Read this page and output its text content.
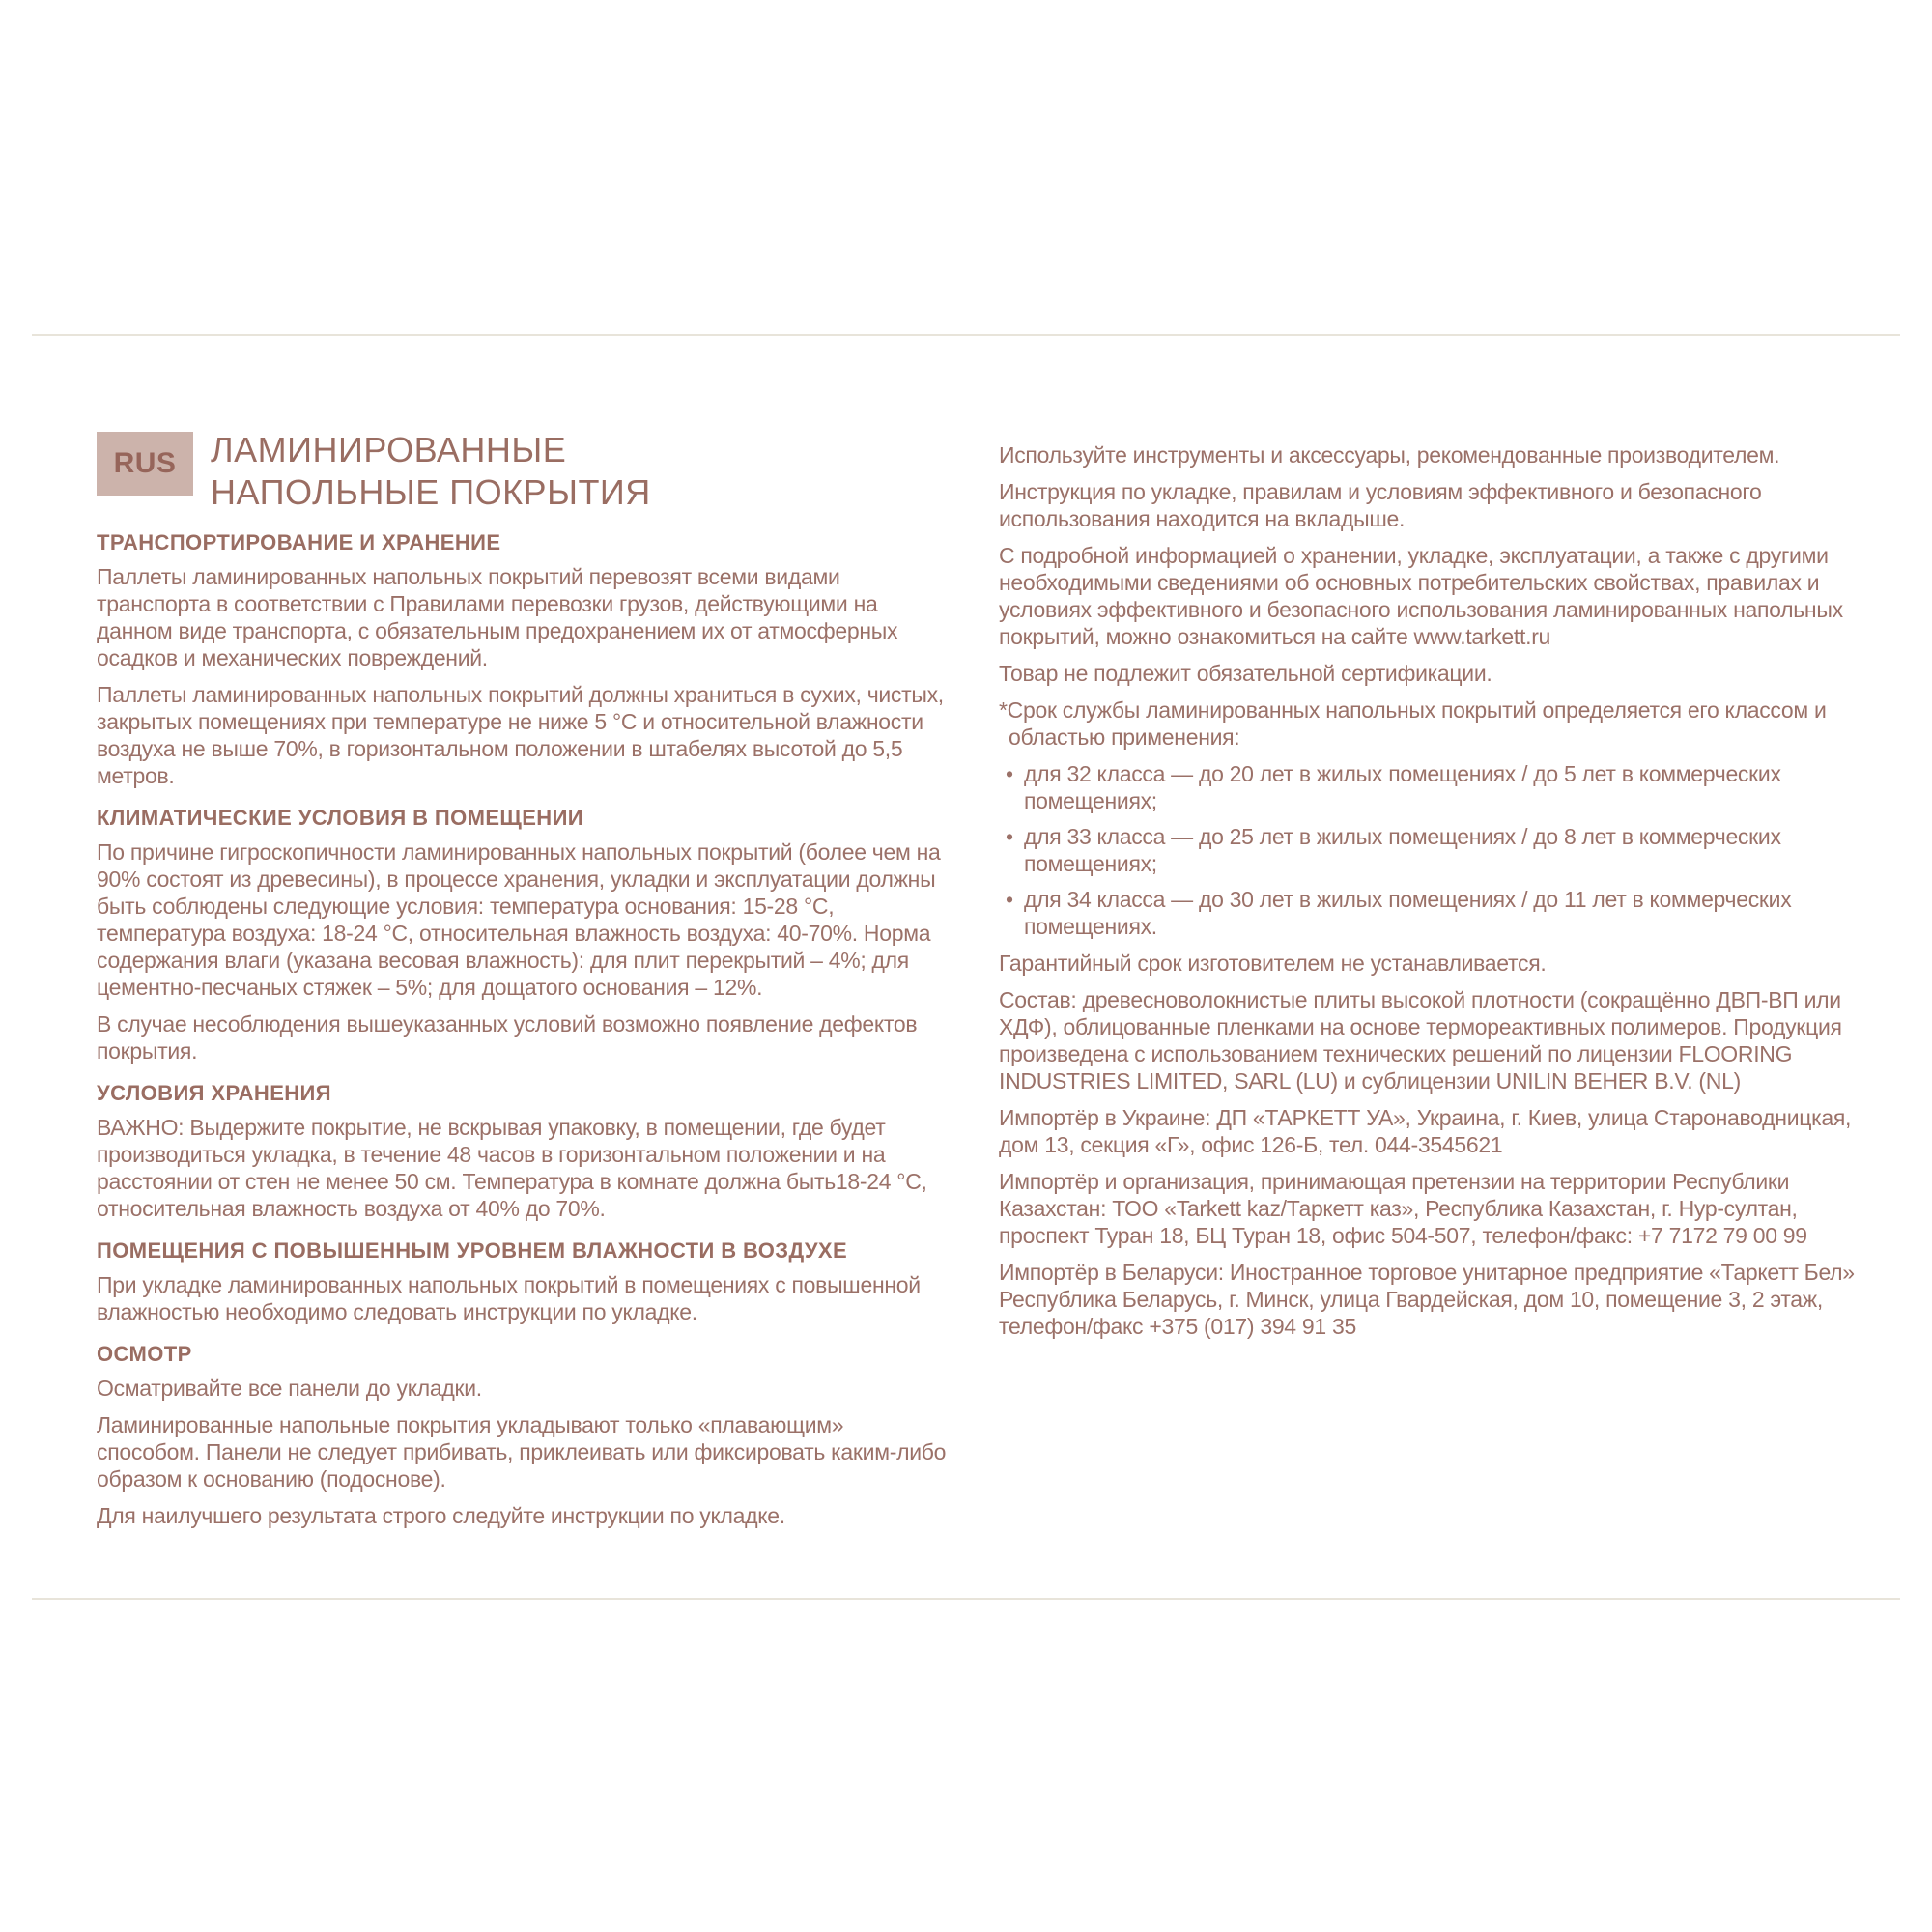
RUS ЛАМИНИРОВАННЫЕ
НАПОЛЬНЫЕ ПОКРЫТИЯ
ТРАНСПОРТИРОВАНИЕ И ХРАНЕНИЕ

Паллеты ламинированных напольных покрытий перевозят всеми видами транспорта в соответствии с Правилами перевозки грузов, действующими на данном виде транспорта, с обязательным предохранением их от атмосферных осадков и механических повреждений.

Паллеты ламинированных напольных покрытий должны храниться в сухих, чистых, закрытых помещениях при температуре не ниже 5 °С и относительной влажности воздуха не выше 70%, в горизонтальном положении в штабелях высотой до 5,5 метров.

КЛИМАТИЧЕСКИЕ УСЛОВИЯ В ПОМЕЩЕНИИ

По причине гигроскопичности ламинированных напольных покрытий (более чем на 90% состоят из древесины), в процессе хранения, укладки и эксплуатации должны быть соблюдены следующие условия: температура основания: 15-28 °С, температура воздуха: 18-24 °С, относительная влажность воздуха: 40-70%. Норма содержания влаги (указана весовая влажность): для плит перекрытий – 4%; для цементно-песчаных стяжек – 5%; для дощатого основания – 12%.

В случае несоблюдения вышеуказанных условий возможно появление дефектов покрытия.

УСЛОВИЯ ХРАНЕНИЯ

ВАЖНО: Выдержите покрытие, не вскрывая упаковку, в помещении, где будет производиться укладка, в течение 48 часов в горизонтальном положении и на расстоянии от стен не менее 50 см. Температура в комнате должна быть18-24 °С, относительная влажность воздуха от 40% до 70%.

ПОМЕЩЕНИЯ С ПОВЫШЕННЫМ УРОВНЕМ ВЛАЖНОСТИ В ВОЗДУХЕ

При укладке ламинированных напольных покрытий в помещениях с повышенной влажностью необходимо следовать инструкции по укладке.

ОСМОТР

Осматривайте все панели до укладки.

Ламинированные напольные покрытия укладывают только «плавающим» способом. Панели не следует прибивать, приклеивать или фиксировать каким-либо образом к основанию (подоснове).

Для наилучшего результата строго следуйте инструкции по укладке.

Используйте инструменты и аксессуары, рекомендованные производителем.

Инструкция по укладке, правилам и условиям эффективного и безопасного использования находится на вкладыше.

С подробной информацией о хранении, укладке, эксплуатации, а также с другими необходимыми сведениями об основных потребительских свойствах, правилах и условиях эффективного и безопасного использования ламинированных напольных покрытий, можно ознакомиться на сайте www.tarkett.ru

Товар не подлежит обязательной сертификации.

*Срок службы ламинированных напольных покрытий определяется его классом и областью применения:

• для 32 класса — до 20 лет в жилых помещениях / до 5 лет в коммерческих помещениях;
• для 33 класса — до 25 лет в жилых помещениях / до 8 лет в коммерческих помещениях;
• для 34 класса — до 30 лет в жилых помещениях / до 11 лет в коммерческих помещениях.

Гарантийный срок изготовителем не устанавливается.

Состав: древесноволокнистые плиты высокой плотности (сокращённо ДВП-ВП или ХДФ), облицованные пленками на основе термореактивных полимеров. Продукция произведена с использованием технических решений по лицензии FLOORING INDUSTRIES LIMITED, SARL (LU) и сублицензии UNILIN BEHER B.V. (NL)

Импортёр в Украине: ДП «ТАРКЕТТ УА», Украина, г. Киев, улица Старонаводницкая, дом 13, секция «Г», офис 126-Б, тел. 044-3545621

Импортёр и организация, принимающая претензии на территории Республики Казахстан: ТОО «Tarkett kaz/Таркетт каз», Республика Казахстан, г. Нур-султан, проспект Туран 18, БЦ Туран 18, офис 504-507, телефон/факс: +7 7172 79 00 99

Импортёр в Беларуси: Иностранное торговое унитарное предприятие «Таркетт Бел» Республика Беларусь, г. Минск, улица Гвардейская, дом 10, помещение 3, 2 этаж, телефон/факс +375 (017) 394 91 35
